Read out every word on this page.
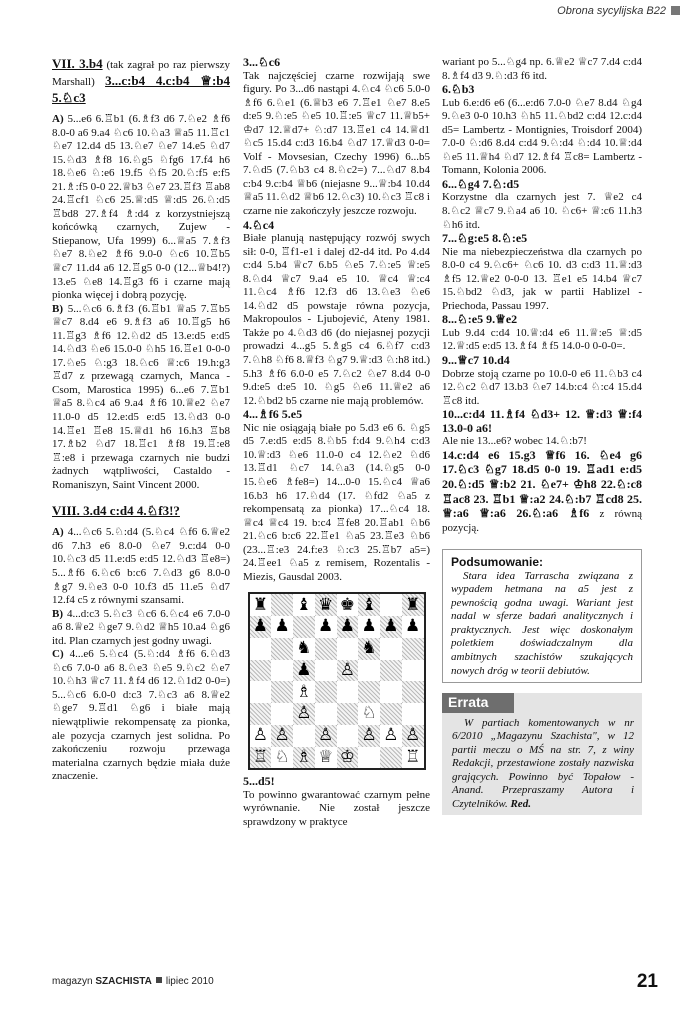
Obrona sycylijska B22
VII. 3.b4 (tak zagrał po raz pierwszy Marshall) 3...c:b4 4.c:b4 ♕:b4 5.♘c3

A) 5...e6 6.♖b1 (6.♗f3 d6 7.♘e2 ♗f6 8.0-0 a6 9.a4 ♘c6 10.♘a3 ♕a5 11.♖c1 ♘e7 12.d4 d5 13.♘e7 ♘e7 14.e5 ♘d7 15.♘d3 ♗f8 16.♘g5 ♘fg6 17.f4 h6 18.♘e6 ♘:e6 19.f5 ♘f5 20.♘:f5 e:f5 21.♗:f5 0-0 22.♕b3 ♘e7 23.♖f3 ♖ab8 24.♖cf1 ♘c6 25.♕:d5 ♕:d5 26.♘:d5 ♖bd8 27.♗f4 ♗:d4 z korzystniejszą końcówką czarnych, Zujew - Stiepanow, Ufa 1999) 6...♕a5 7.♗f3 ♘e7 8.♘e2 ♗f6 9.0-0 ♘c6 10.♖b5 ♕c7 11.d4 a6 12.♖g5 0-0 (12...♕b4!?) 13.e5 ♘e8 14.♖g3 f6 i czarne mają pionka więcej i dobrą pozycję.

B) 5...♘c6 6.♗f3 (6.♖b1 ♕a5 7.♖b5 ♕c7 8.d4 e6 9.♗f3 a6 10.♖g5 h6 11.♖g3 ♗f6 12.♘d2 d5 13.e:d5 e:d5 14.♘d3 ♘e6 15.0-0 ♘h5 16.♖e1 0-0-0 17.♘e5 ♘:g3 18.♘c6 ♕:c6 19.h:g3 ♖d7 z przewagą czarnych, Manca - Csom, Marostica 1995) 6...e6 7.♖b1 ♕a5 8.♘c4 a6 9.a4 ♗f6 10.♕e2 ♘e7 11.0-0 d5 12.e:d5 e:d5 13.♘d3 0-0 14.♖e1 ♖e8 15.♕d1 h6 16.h3 ♖b8 17.♗b2 ♘d7 18.♖c1 ♗f8 19.♖:e8 ♖:e8 i przewaga czarnych nie budzi żadnych wątpliwości, Castaldo - Romaniszyn, Saint Vincent 2000.

VIII. 3.d4 c:d4 4.♘f3!?

A) 4...♘c6 5.♘:d4 (5.♘c4 ♘f6 6.♕e2 d6 7.h3 e6 8.0-0 ♘e7 9.c:d4 0-0 10.♘c3 d5 11.e:d5 e:d5 12.♘d3 ♖e8=) 5...♗f6 6.♘c6 b:c6 7.♘d3 g6 8.0-0 ♗g7 9.♘e3 0-0 10.f3 d5 11.e5 ♘d7 12.f4 c5 z równymi szansami.

B) 4...d:c3 5.♘c3 ♘c6 6.♘c4 e6 7.0-0 a6 8.♕e2 ♘ge7 9.♘d2 ♕h5 10.a4 ♘g6 itd. Plan czarnych jest godny uwagi.

C) 4...e6 5.♘c4 (5.♘:d4 ♗f6 6.♘d3 ♘c6 7.0-0 a6 8.♘e3 ♘e5 9.♘c2 ♘e7 10.♘h3 ♕c7 11.♗f4 d6 12.♘1d2 0-0=) 5...♘c6 6.0-0 d:c3 7.♘c3 a6 8.♕e2 ♘ge7 9.♖d1 ♘g6 i białe mają niewątpliwie rekompensatę za pionka, ale pozycja czarnych jest solidna. Po zakończeniu rozwoju przewaga materialna czarnych będzie miała duże znaczenie.

3...♘c6

Tak najczęściej czarne rozwijają swe figury. Po 3...d6 nastąpi 4.♘c4 ♘c6 5.0-0 ♗f6 6.♘e1 (6.♕b3 e6 7.♖e1 ♘e7 8.e5 d:e5 9.♘:e5 ♘e5 10.♖:e5 ♕c7 11.♕b5+ ♔d7 12.♕d7+ ♘:d7 13.♖e1 c4 14.♕d1 ♘c5 15.d4 c:d3 16.b4 ♘d7 17.♕d3 0-0= Volf - Movsesian, Czechy 1996) 6...b5 7.♘d5 (7.♘b3 c4 8.♘c2=) 7...♘d7 8.b4 c:b4 9.c:b4 ♕b6 (niejasne 9...♕:b4 10.d4 ♕a5 11.♘d2 ♕b6 12.♘c3) 10.♘c3 ♖c8 i czarne nie zakończyły jeszcze rozwoju.

4.♘c4

Białe planują następujący rozwój swych sił: 0-0, ♖f1-e1 i dalej d2-d4 itd. Po 4.d4 c:d4 5.b4 ♕c7 6.b5 ♘e5 7.♘:e5 ♕:e5 8.♘d4 ♕c7 9.a4 e5 10. ♕c4 ♕:c4 11.♘c4 ♗f6 12.f3 d6 13.♘e3 ♘e6 14.♘d2 d5 powstaje równa pozycja, Makropoulos - Ljubojević, Ateny 1981. Także po 4.♘d3 d6 (do niejasnej pozycji prowadzi 4...g5 5.♗g5 c4 6.♘f7 c:d3 7.♘h8 ♘f6 8.♕f3 ♘g7 9.♕:d3 ♘:h8 itd.) 5.h3 ♗f6 6.0-0 e5 7.♘c2 ♘e7 8.d4 0-0 9.d:e5 d:e5 10. ♘g5 ♘e6 11.♕e2 a6 12.♘bd2 b5 czarne nie mają problemów.

4...♗f6 5.e5

Nic nie osiągają białe po 5.d3 e6 6. ♘g5 d5 7.e:d5 e:d5 8.♘b5 f:d4 9.♘h4 c:d3 10.♕:d3 ♘e6 11.0-0 c4 12.♘e2 ♘d6 13.♖d1 ♘c7 14.♘a3 (14.♘g5 0-0 15.♘e6 ♗fe8=) 14...0-0 15.♘c4 ♕a6 16.b3 h6 17.♘d4 (17. ♘fd2 ♘a5 z rekompensatą za pionka) 17...♘c4 18. ♕c4 ♕c4 19. b:c4 ♖fe8 20.♖ab1 ♘b6 21.♘c6 b:c6 22.♖e1 ♘a5 23.♖e3 ♘b6 (23...♖:e3 24.f:e3 ♘:c3 25.♖b7 a5=) 24.♖ee1 ♘a5 z remisem, Rozentalis - Miezis, Gausdal 2003.

♜ ♝ ♛ ♚ ♝ ♜
♟ ♟ ♟ ♟ ♟ ♟ ♟
♞	♞
♟ ♙
♗
♙	♘
♙ ♙ ♙ ♙ ♙ ♙
♖ ♘ ♗ ♕ ♔	♖

5...d5!

To powinno gwarantować czarnym pełne wyrównanie. Nie został jeszcze sprawdzony w praktyce

wariant po 5...♘g4 np. 6.♕e2 ♕c7 7.d4 c:d4 8.♗f4 d3 9.♘:d3 f6 itd.

6.♘b3

Lub 6.e:d6 e6 (6...e:d6 7.0-0 ♘e7 8.d4 ♘g4 9.♘e3 0-0 10.h3 ♘h5 11.♘bd2 c:d4 12.c:d4 d5= Lambertz - Montignies, Troisdorf 2004) 7.0-0 ♘:d6 8.d4 c:d4 9.♘:d4 ♘:d4 10.♕:d4 ♘e5 11.♕h4 ♘d7 12.♗f4 ♖c8= Lambertz - Tomann, Kolonia 2006.

6...♘g4 7.♘:d5

Korzystne dla czarnych jest 7. ♕e2 c4 8.♘c2 ♕c7 9.♘a4 a6 10. ♘c6+ ♕:c6 11.h3 ♘h6 itd.

7...♘g:e5 8.♘:e5

Nie ma niebezpieczeństwa dla czarnych po 8.0-0 c4 9.♘c6+ ♘c6 10. d3 c:d3 11.♕:d3 ♗f5 12.♕e2 0-0-0 13. ♖e1 e5 14.b4 ♕c7 15.♘bd2 ♘d3, jak w partii Hablizel - Priechoda, Passau 1997.

8...♘:e5 9.♕e2

Lub 9.d4 c:d4 10.♕:d4 e6 11.♕:e5 ♕:d5 12.♕:d5 e:d5 13.♗f4 ♗f5 14.0-0 0-0-0=.

9...♕c7 10.d4

Dobrze stoją czarne po 10.0-0 e6 11.♘b3 c4 12.♘c2 ♘d7 13.b3 ♘e7 14.b:c4 ♘:c4 15.d4 ♖c8 itd.

10...c:d4 11.♗f4 ♘d3+ 12. ♕:d3 ♕:f4 13.0-0 a6!

Ale nie 13...e6? wobec 14.♘:b7!

14.c:d4 e6 15.g3 ♕f6 16. ♘e4 g6 17.♘c3 ♘g7 18.d5 0-0 19. ♖ad1 e:d5 20.♘:d5 ♕:b2 21. ♘e7+ ♔h8 22.♘:c8 ♖ac8 23. ♖b1 ♕:a2 24.♘:b7 ♖cd8 25. ♕:a6 ♕:a6 26.♘:a6 ♗f6 z równą pozycją.

Podsumowanie:

Stara idea Tarrascha związana z wypadem hetmana na a5 jest z pewnością godna uwagi. Wariant jest nadal w sferze badań analitycznych i praktycznych. Jest więc doskonałym poletkiem doświadczalnym dla ambitnych szachistów szukających nowych dróg w teorii debiutów.

Errata

W partiach komentowanych w nr 6/2010 „Magazynu Szachista", w 12 partii meczu o MŚ na str. 7, z winy Redakcji, przestawione zostały nazwiska grających. Powinno być Topałow - Anand. Przepraszamy Autora i Czytelników. Red.

magazyn SZACHISTA lipiec 2010	21
